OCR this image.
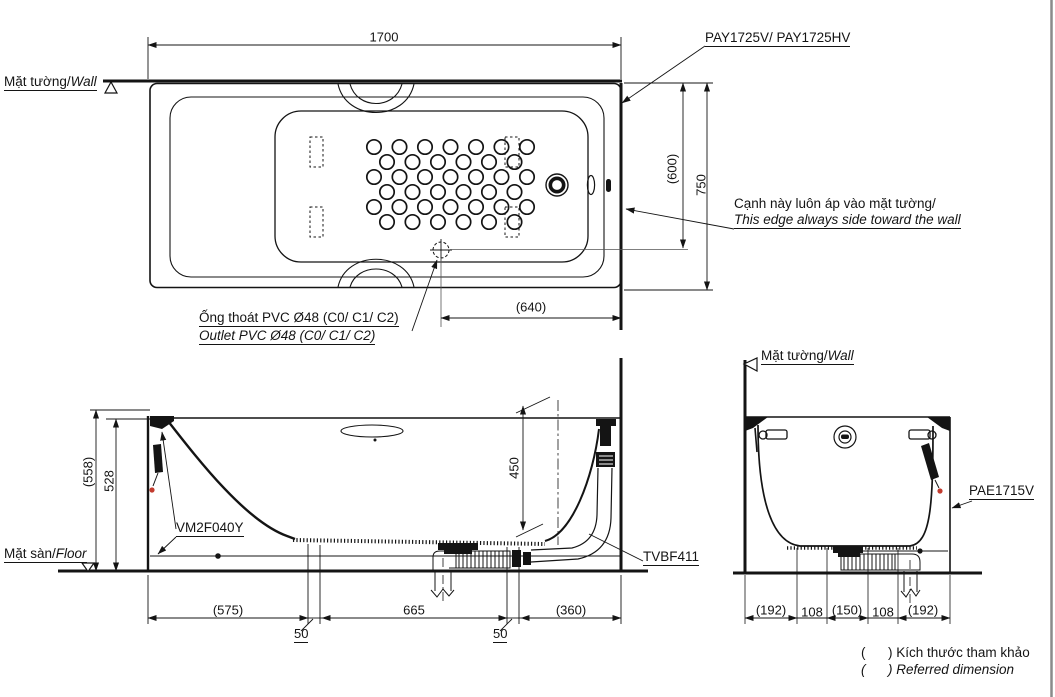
Mặt tường/Wall
1700	PAY1725V/ PAY1725HV
(600)
750
Cạnh này luôn áp vào mặt tường/
This edge always side toward the wall
Ống thoát PVC Ø48 (C0/ C1/ C2)
Outlet PVC Ø48 (C0/ C1/ C2)
(640)
Mặt sàn/Floor
(558) 528
450
VM2F040Y
TVBF411
(575)	665	(360)
50	50
Mặt tường/Wall
PAE1715V
(192) 108 (150) 108 (192)
(      ) Kích thước tham khảo
(      ) Referred dimension
